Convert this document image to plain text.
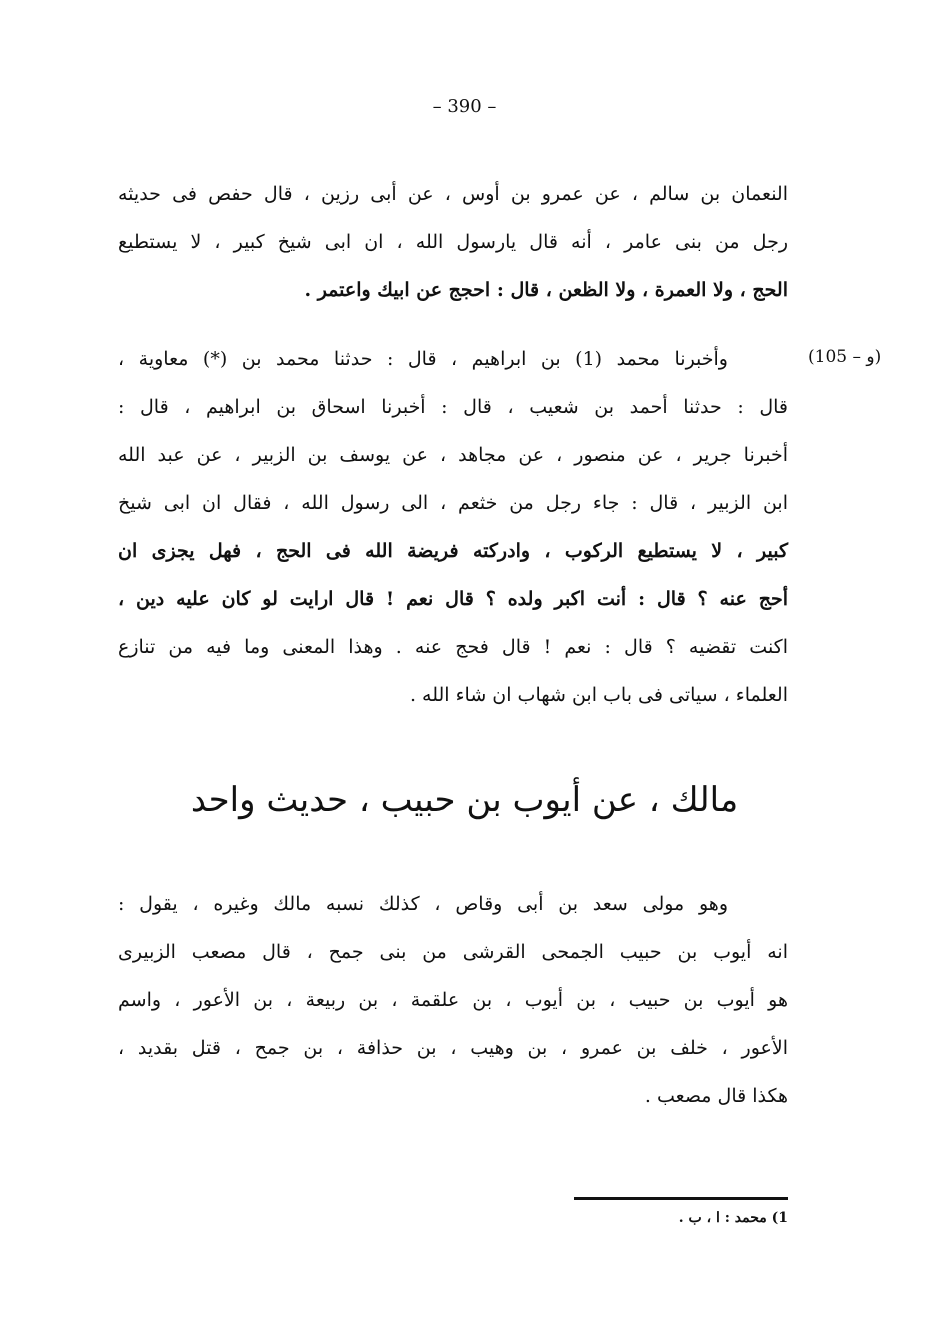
– 390 –
النعمان بن سالم ، عن عمرو بن أوس ، عن أبى رزين ، قال حفص فى حديثه
رجل من بنى عامر ، أنه قال يارسول الله ، ان ابى شيخ كبير ، لا يستطيع
الحج ، ولا العمرة ، ولا الظعن ، قال : احجج عن ابيك واعتمر .
(105 – و)
وأخبرنا محمد (1) بن ابراهيم ، قال : حدثنا محمد بن (*) معاوية ،
قال : حدثنا أحمد بن شعيب ، قال : أخبرنا اسحاق بن ابراهيم ، قال :
أخبرنا جرير ، عن منصور ، عن مجاهد ، عن يوسف بن الزبير ، عن عبد الله
ابن الزبير ، قال : جاء رجل من خثعم ، الى رسول الله ، فقال ان ابى شيخ
كبير ، لا يستطيع الركوب ، وادركته فريضة الله فى الحج ، فهل يجزى ان
أحج عنه ؟ قال : أنت اكبر ولده ؟ قال نعم ! قال ارايت لو كان عليه دين ،
اكنت تقضيه ؟ قال : نعم ! قال فحج عنه . وهذا المعنى وما فيه من تنازع
العلماء ، سياتى فى باب ابن شهاب ان شاء الله .
مالك ، عن أيوب بن حبيب ، حديث واحد
وهو مولى سعد بن أبى وقاص ، كذلك نسبه مالك وغيره ، يقول :
انه أيوب بن حبيب الجمحى القرشى من بنى جمح ، قال مصعب الزبيرى
هو أيوب بن حبيب ، بن أيوب ، بن علقمة ، بن ربيعة ، بن الأعور ، واسم
الأعور ، خلف بن عمرو ، بن وهيب ، بن حذافة ، بن جمح ، قتل بقديد ،
هكذا قال مصعب .
1) محمد : ا ، ب .
